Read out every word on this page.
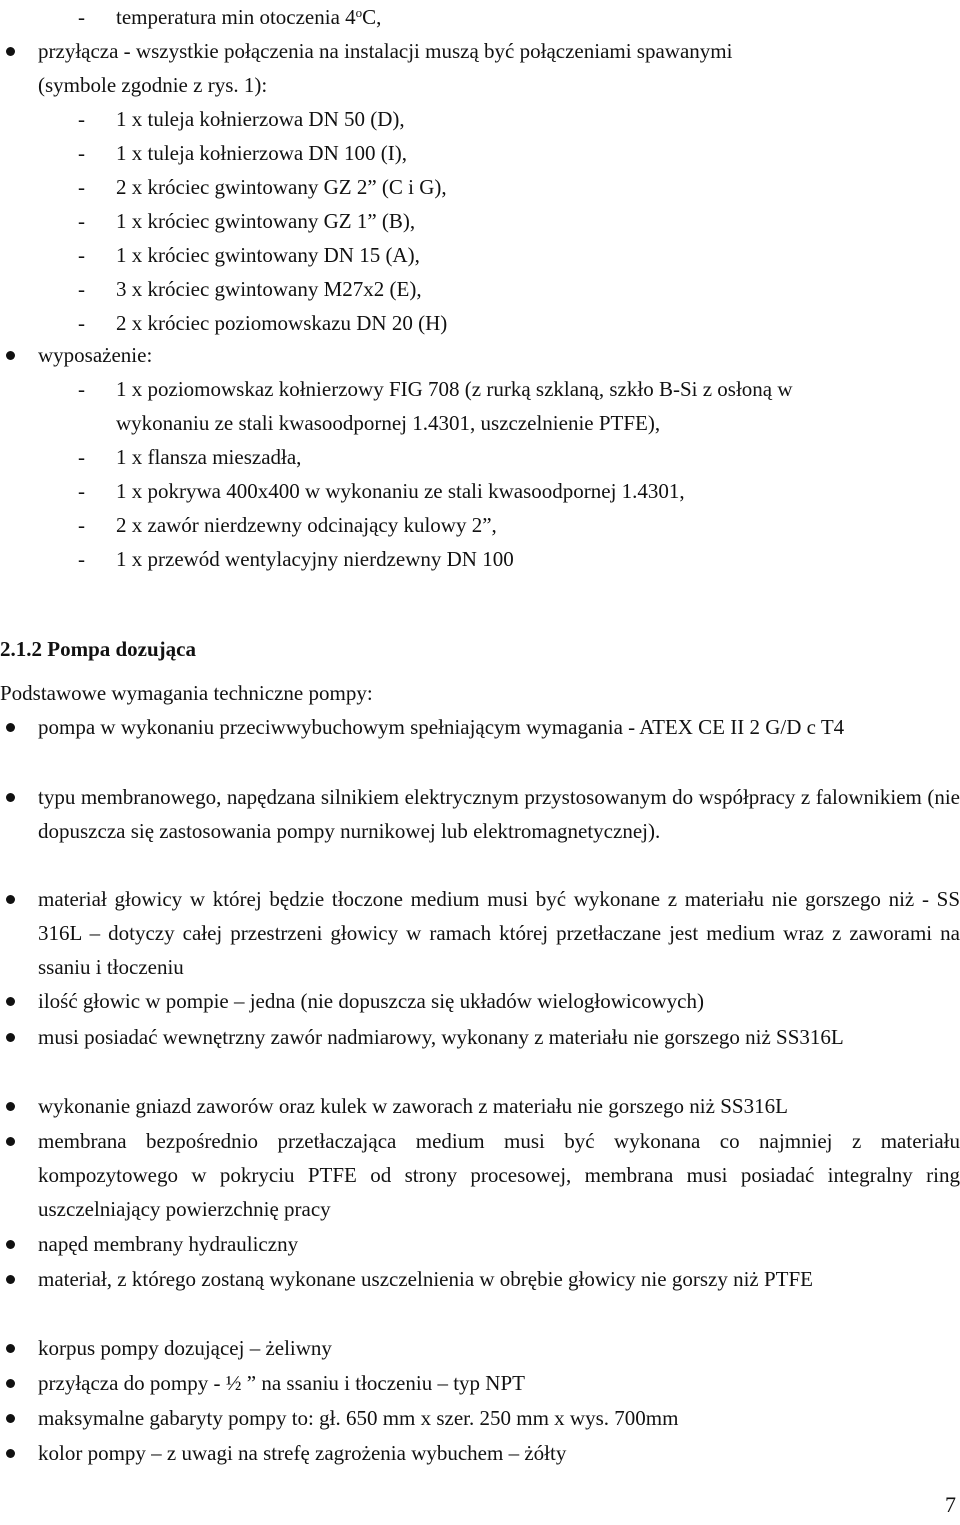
- temperatura min otoczenia 4$^o$C,
przyłącza - wszystkie połączenia na instalacji muszą być połączeniami spawanymi
(symbole zgodnie z rys. 1):
- 1 x tuleja kołnierzowa DN 50 (D),
- 1 x tuleja kołnierzowa DN 100 (I),
- 2 x króciec gwintowany GZ 2” (C i G),
- 1 x króciec gwintowany GZ 1” (B),
- 1 x króciec gwintowany DN 15 (A),
- 3 x króciec gwintowany M27x2 (E),
- 2 x króciec poziomowskazu DN 20 (H)
wyposażenie:
- 1 x poziomowskaz kołnierzowy FIG 708 (z rurką szklaną, szkło B-Si z osłoną w
wykonaniu ze stali kwasoodpornej 1.4301, uszczelnienie PTFE),
- 1 x flansza mieszadła,
- 1 x pokrywa 400x400 w wykonaniu ze stali kwasoodpornej 1.4301,
- 2 x zawór nierdzewny odcinający kulowy 2”,
- 1 x przewód wentylacyjny nierdzewny DN 100
2.1.2 Pompa dozująca
Podstawowe wymagania techniczne pompy:
pompa w wykonaniu przeciwwybuchowym spełniającym wymagania - ATEX CE II 2 G/D c T4
typu membranowego, napędzana silnikiem elektrycznym przystosowanym do współpracy z falownikiem (nie dopuszcza się zastosowania pompy nurnikowej lub elektromagnetycznej).
materiał głowicy w której będzie tłoczone medium musi być wykonane z materiału nie gorszego niż - SS 316L – dotyczy całej przestrzeni głowicy w ramach której przetłaczane jest medium wraz z zaworami na ssaniu i tłoczeniu
ilość głowic w pompie – jedna (nie dopuszcza się układów wielogłowicowych)
musi posiadać wewnętrzny zawór nadmiarowy, wykonany z materiału nie gorszego niż SS316L
wykonanie gniazd zaworów oraz kulek w zaworach z materiału nie gorszego niż SS316L
membrana bezpośrednio przetłaczająca medium musi być wykonana co najmniej z materiału kompozytowego w pokryciu PTFE od strony procesowej, membrana musi posiadać integralny ring uszczelniający powierzchnię pracy
napęd membrany hydrauliczny
materiał, z którego zostaną wykonane uszczelnienia w obrębie głowicy nie gorszy niż PTFE
korpus pompy dozującej – żeliwny
przyłącza do pompy - ½ ” na ssaniu i tłoczeniu – typ NPT
maksymalne gabaryty pompy to: gł. 650 mm x szer. 250 mm x wys. 700mm
kolor pompy – z uwagi na strefę zagrożenia wybuchem – żółty
7
